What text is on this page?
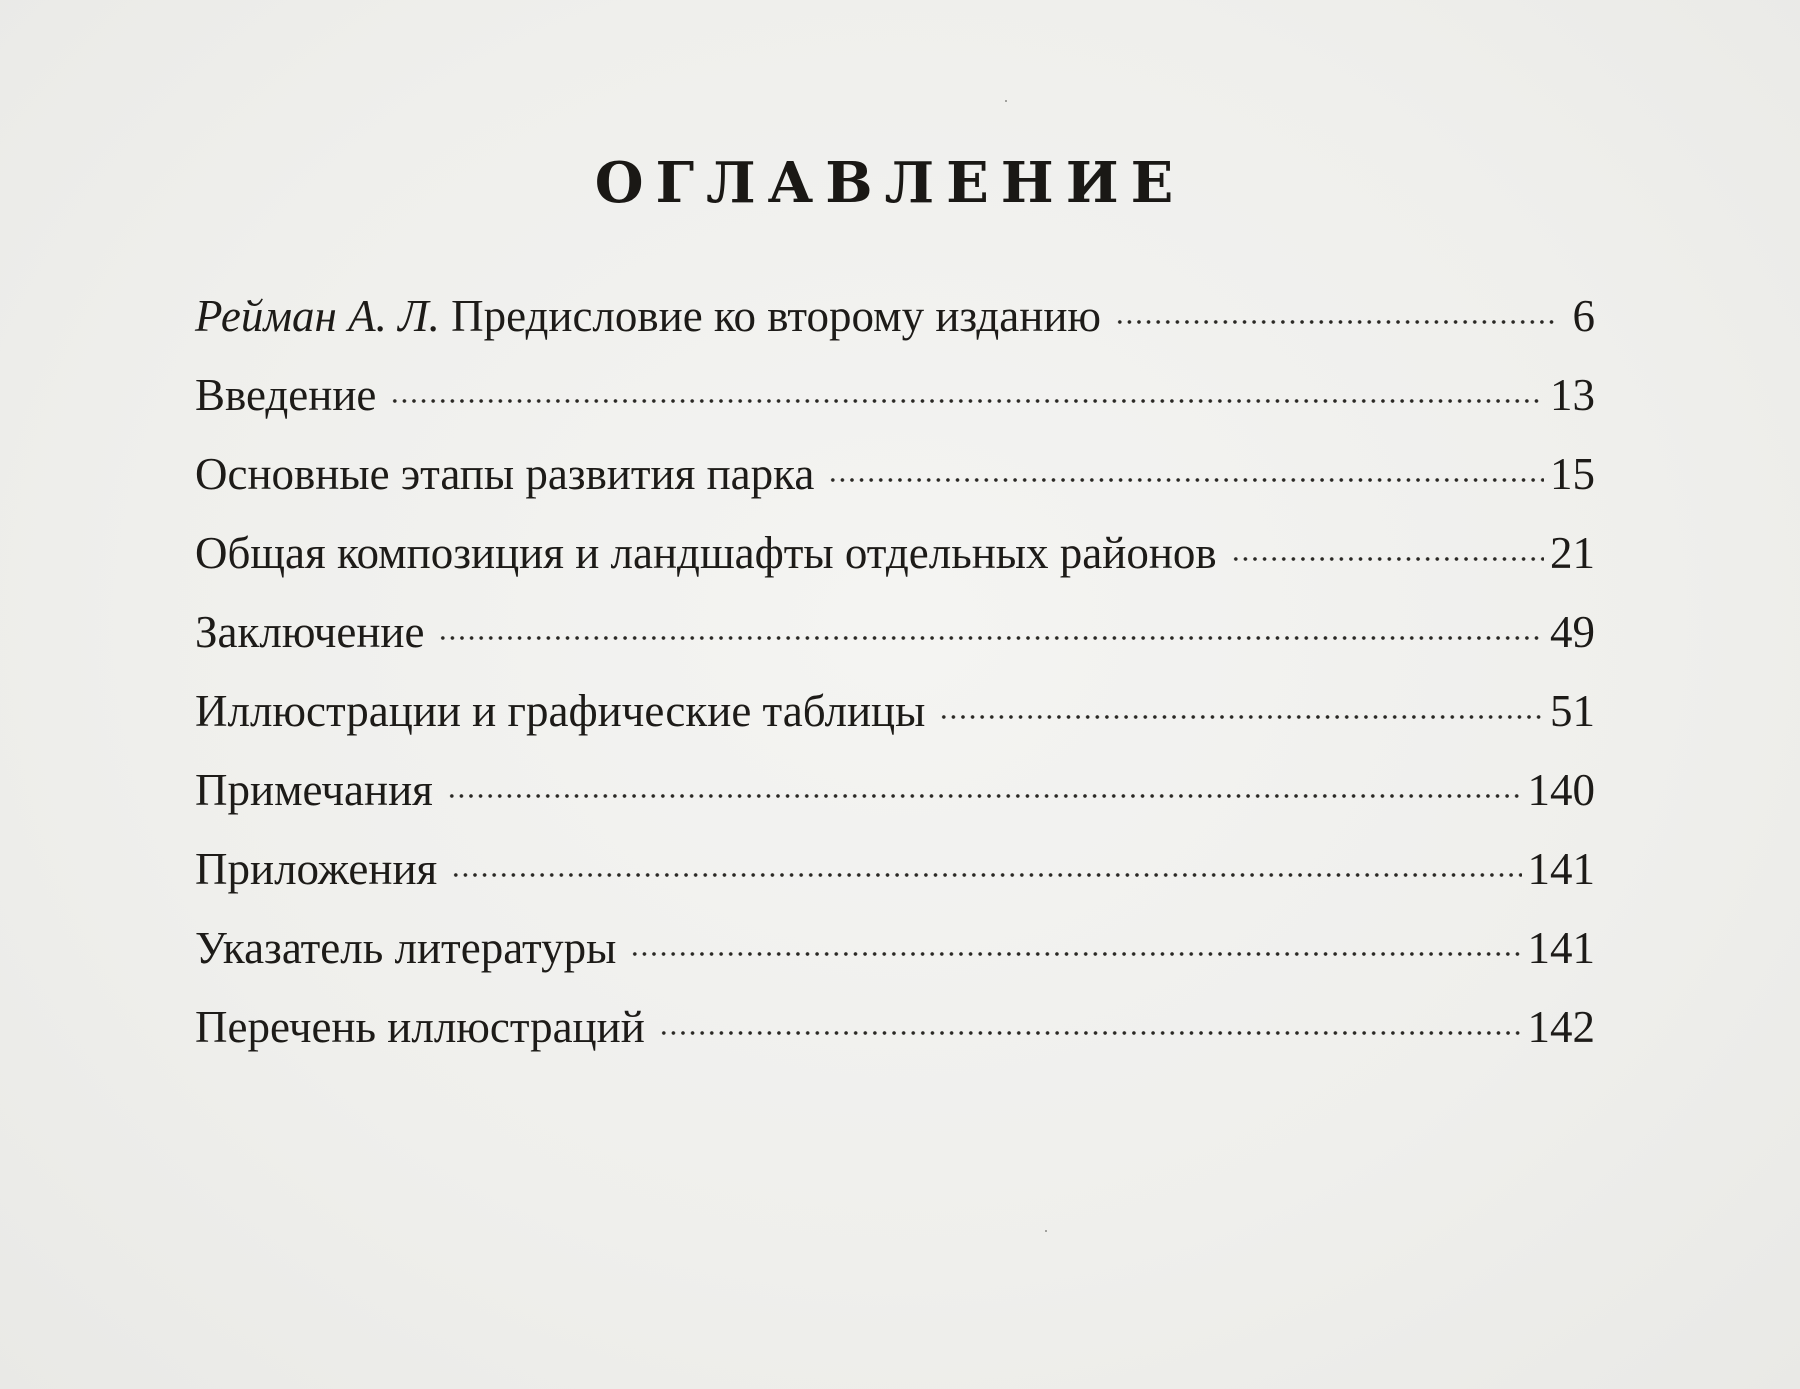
ОГЛАВЛЕНИЕ
Рейман А. Л. Предисловие ко второму изданию	6
Введение	13
Основные этапы развития парка	15
Общая композиция и ландшафты отдельных районов	21
Заключение	49
Иллюстрации и графические таблицы	51
Примечания	140
Приложения	141
Указатель литературы	141
Перечень иллюстраций	142
